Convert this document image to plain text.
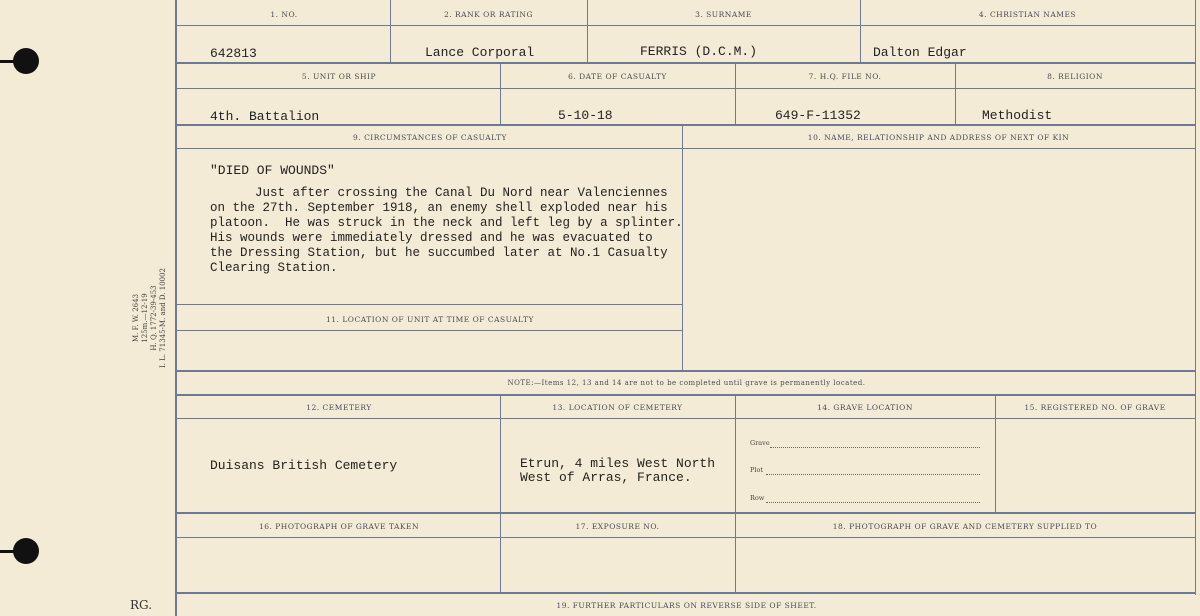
M. F. W. 2643 125m.—12-19 H. Q. 1772-39-453 I. L. 71345-M. and D. 10002
RG.
1. NO.	2. RANK OR RATING	3. SURNAME	4. CHRISTIAN NAMES
642813	Lance Corporal	FERRIS (D.C.M.)	Dalton Edgar
5. UNIT OR SHIP	6. DATE OF CASUALTY	7. H.Q. FILE NO.	8. RELIGION
4th. Battalion	5-10-18	649-F-11352	Methodist
9. CIRCUMSTANCES OF CASUALTY	10. NAME, RELATIONSHIP AND ADDRESS OF NEXT OF KIN
"DIED OF WOUNDS"
Just after crossing the Canal Du Nord near Valenciennes
on the 27th. September 1918, an enemy shell exploded near his
platoon.  He was struck in the neck and left leg by a splinter.
His wounds were immediately dressed and he was evacuated to
the Dressing Station, but he succumbed later at No.1 Casualty
Clearing Station.
11. LOCATION OF UNIT AT TIME OF CASUALTY
NOTE:—Items 12, 13 and 14 are not to be completed until grave is permanently located.
12. CEMETERY	13. LOCATION OF CEMETERY	14. GRAVE LOCATION	15. REGISTERED NO. OF GRAVE
Duisans British Cemetery	Etrun, 4 miles West North
West of Arras, France.
Grave
Plot
Row
16. PHOTOGRAPH OF GRAVE TAKEN	17. EXPOSURE NO.	18. PHOTOGRAPH OF GRAVE AND CEMETERY SUPPLIED TO
19. FURTHER PARTICULARS ON REVERSE SIDE OF SHEET.
